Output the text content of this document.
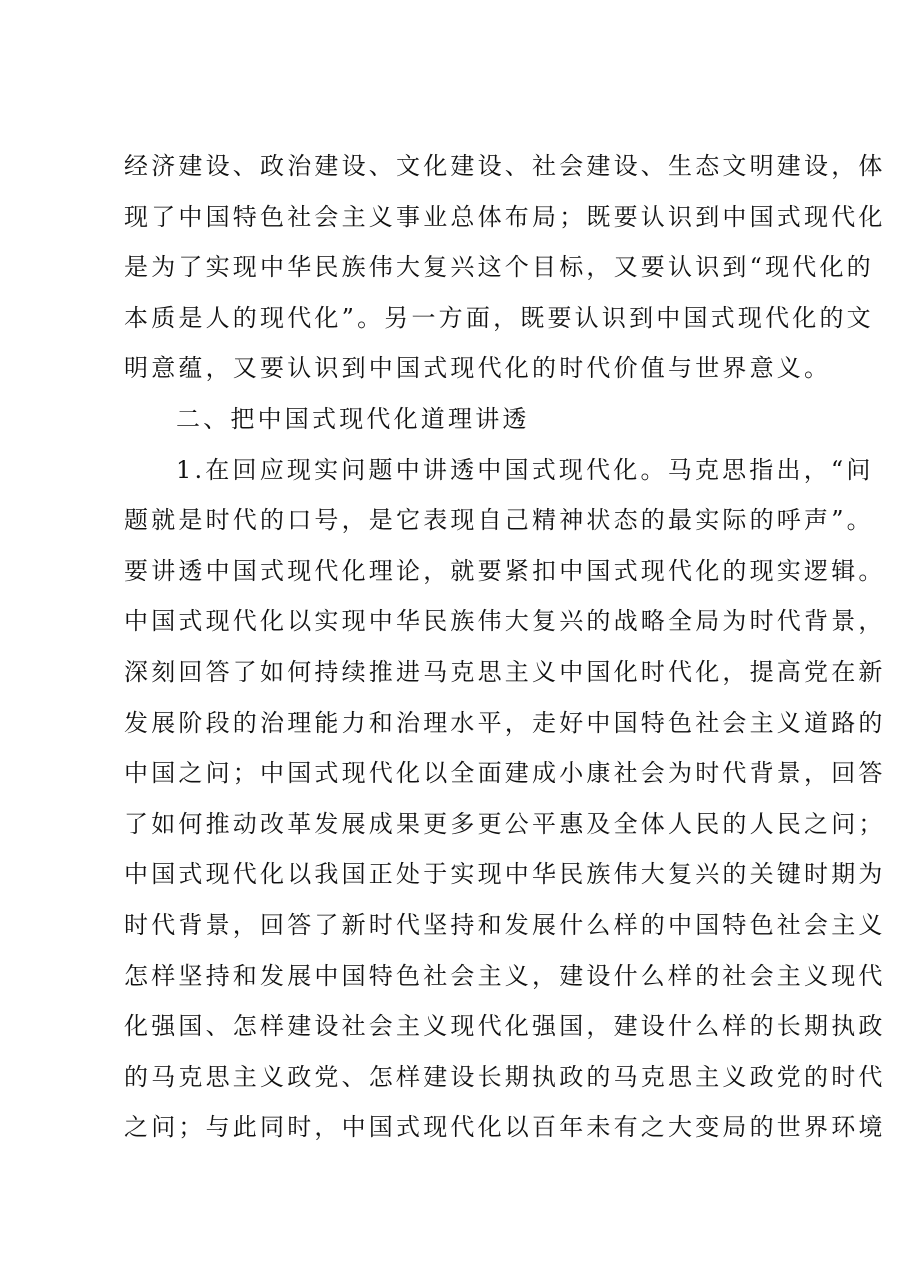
经济建设、政治建设、文化建设、社会建设、生态文明建设，体
现了中国特色社会主义事业总体布局；既要认识到中国式现代化
是为了实现中华民族伟大复兴这个目标，又要认识到“现代化的
本质是人的现代化”。另一方面，既要认识到中国式现代化的文
明意蕴，又要认识到中国式现代化的时代价值与世界意义。
二、把中国式现代化道理讲透
1.在回应现实问题中讲透中国式现代化。马克思指出，“问
题就是时代的口号，是它表现自己精神状态的最实际的呼声”。
要讲透中国式现代化理论，就要紧扣中国式现代化的现实逻辑。
中国式现代化以实现中华民族伟大复兴的战略全局为时代背景，
深刻回答了如何持续推进马克思主义中国化时代化，提高党在新
发展阶段的治理能力和治理水平，走好中国特色社会主义道路的
中国之问；中国式现代化以全面建成小康社会为时代背景，回答
了如何推动改革发展成果更多更公平惠及全体人民的人民之问；
中国式现代化以我国正处于实现中华民族伟大复兴的关键时期为
时代背景，回答了新时代坚持和发展什么样的中国特色社会主义
怎样坚持和发展中国特色社会主义，建设什么样的社会主义现代
化强国、怎样建设社会主义现代化强国，建设什么样的长期执政
的马克思主义政党、怎样建设长期执政的马克思主义政党的时代
之问；与此同时，中国式现代化以百年未有之大变局的世界环境
